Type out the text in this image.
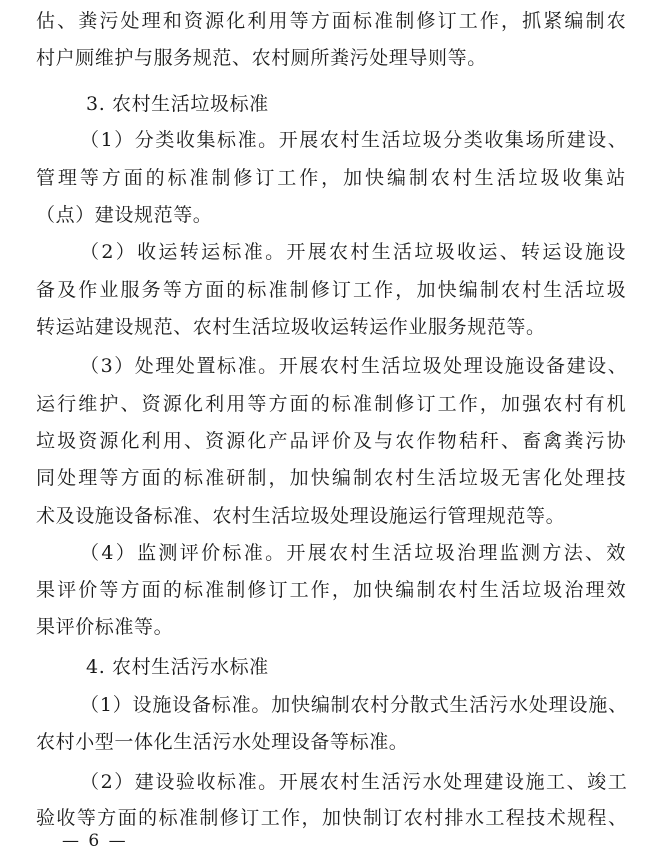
估、粪污处理和资源化利用等方面标准制修订工作，抓紧编制农
村户厕维护与服务规范、农村厕所粪污处理导则等。
3. 农村生活垃圾标准
（1）分类收集标准。开展农村生活垃圾分类收集场所建设、
管理等方面的标准制修订工作，加快编制农村生活垃圾收集站
（点）建设规范等。
（2）收运转运标准。开展农村生活垃圾收运、转运设施设
备及作业服务等方面的标准制修订工作，加快编制农村生活垃圾
转运站建设规范、农村生活垃圾收运转运作业服务规范等。
（3）处理处置标准。开展农村生活垃圾处理设施设备建设、
运行维护、资源化利用等方面的标准制修订工作，加强农村有机
垃圾资源化利用、资源化产品评价及与农作物秸秆、畜禽粪污协
同处理等方面的标准研制，加快编制农村生活垃圾无害化处理技
术及设施设备标准、农村生活垃圾处理设施运行管理规范等。
（4）监测评价标准。开展农村生活垃圾治理监测方法、效
果评价等方面的标准制修订工作，加快编制农村生活垃圾治理效
果评价标准等。
4. 农村生活污水标准
（1）设施设备标准。加快编制农村分散式生活污水处理设施、
农村小型一体化生活污水处理设备等标准。
（2）建设验收标准。开展农村生活污水处理建设施工、竣工
验收等方面的标准制修订工作，加快制订农村排水工程技术规程、
— 6 —
